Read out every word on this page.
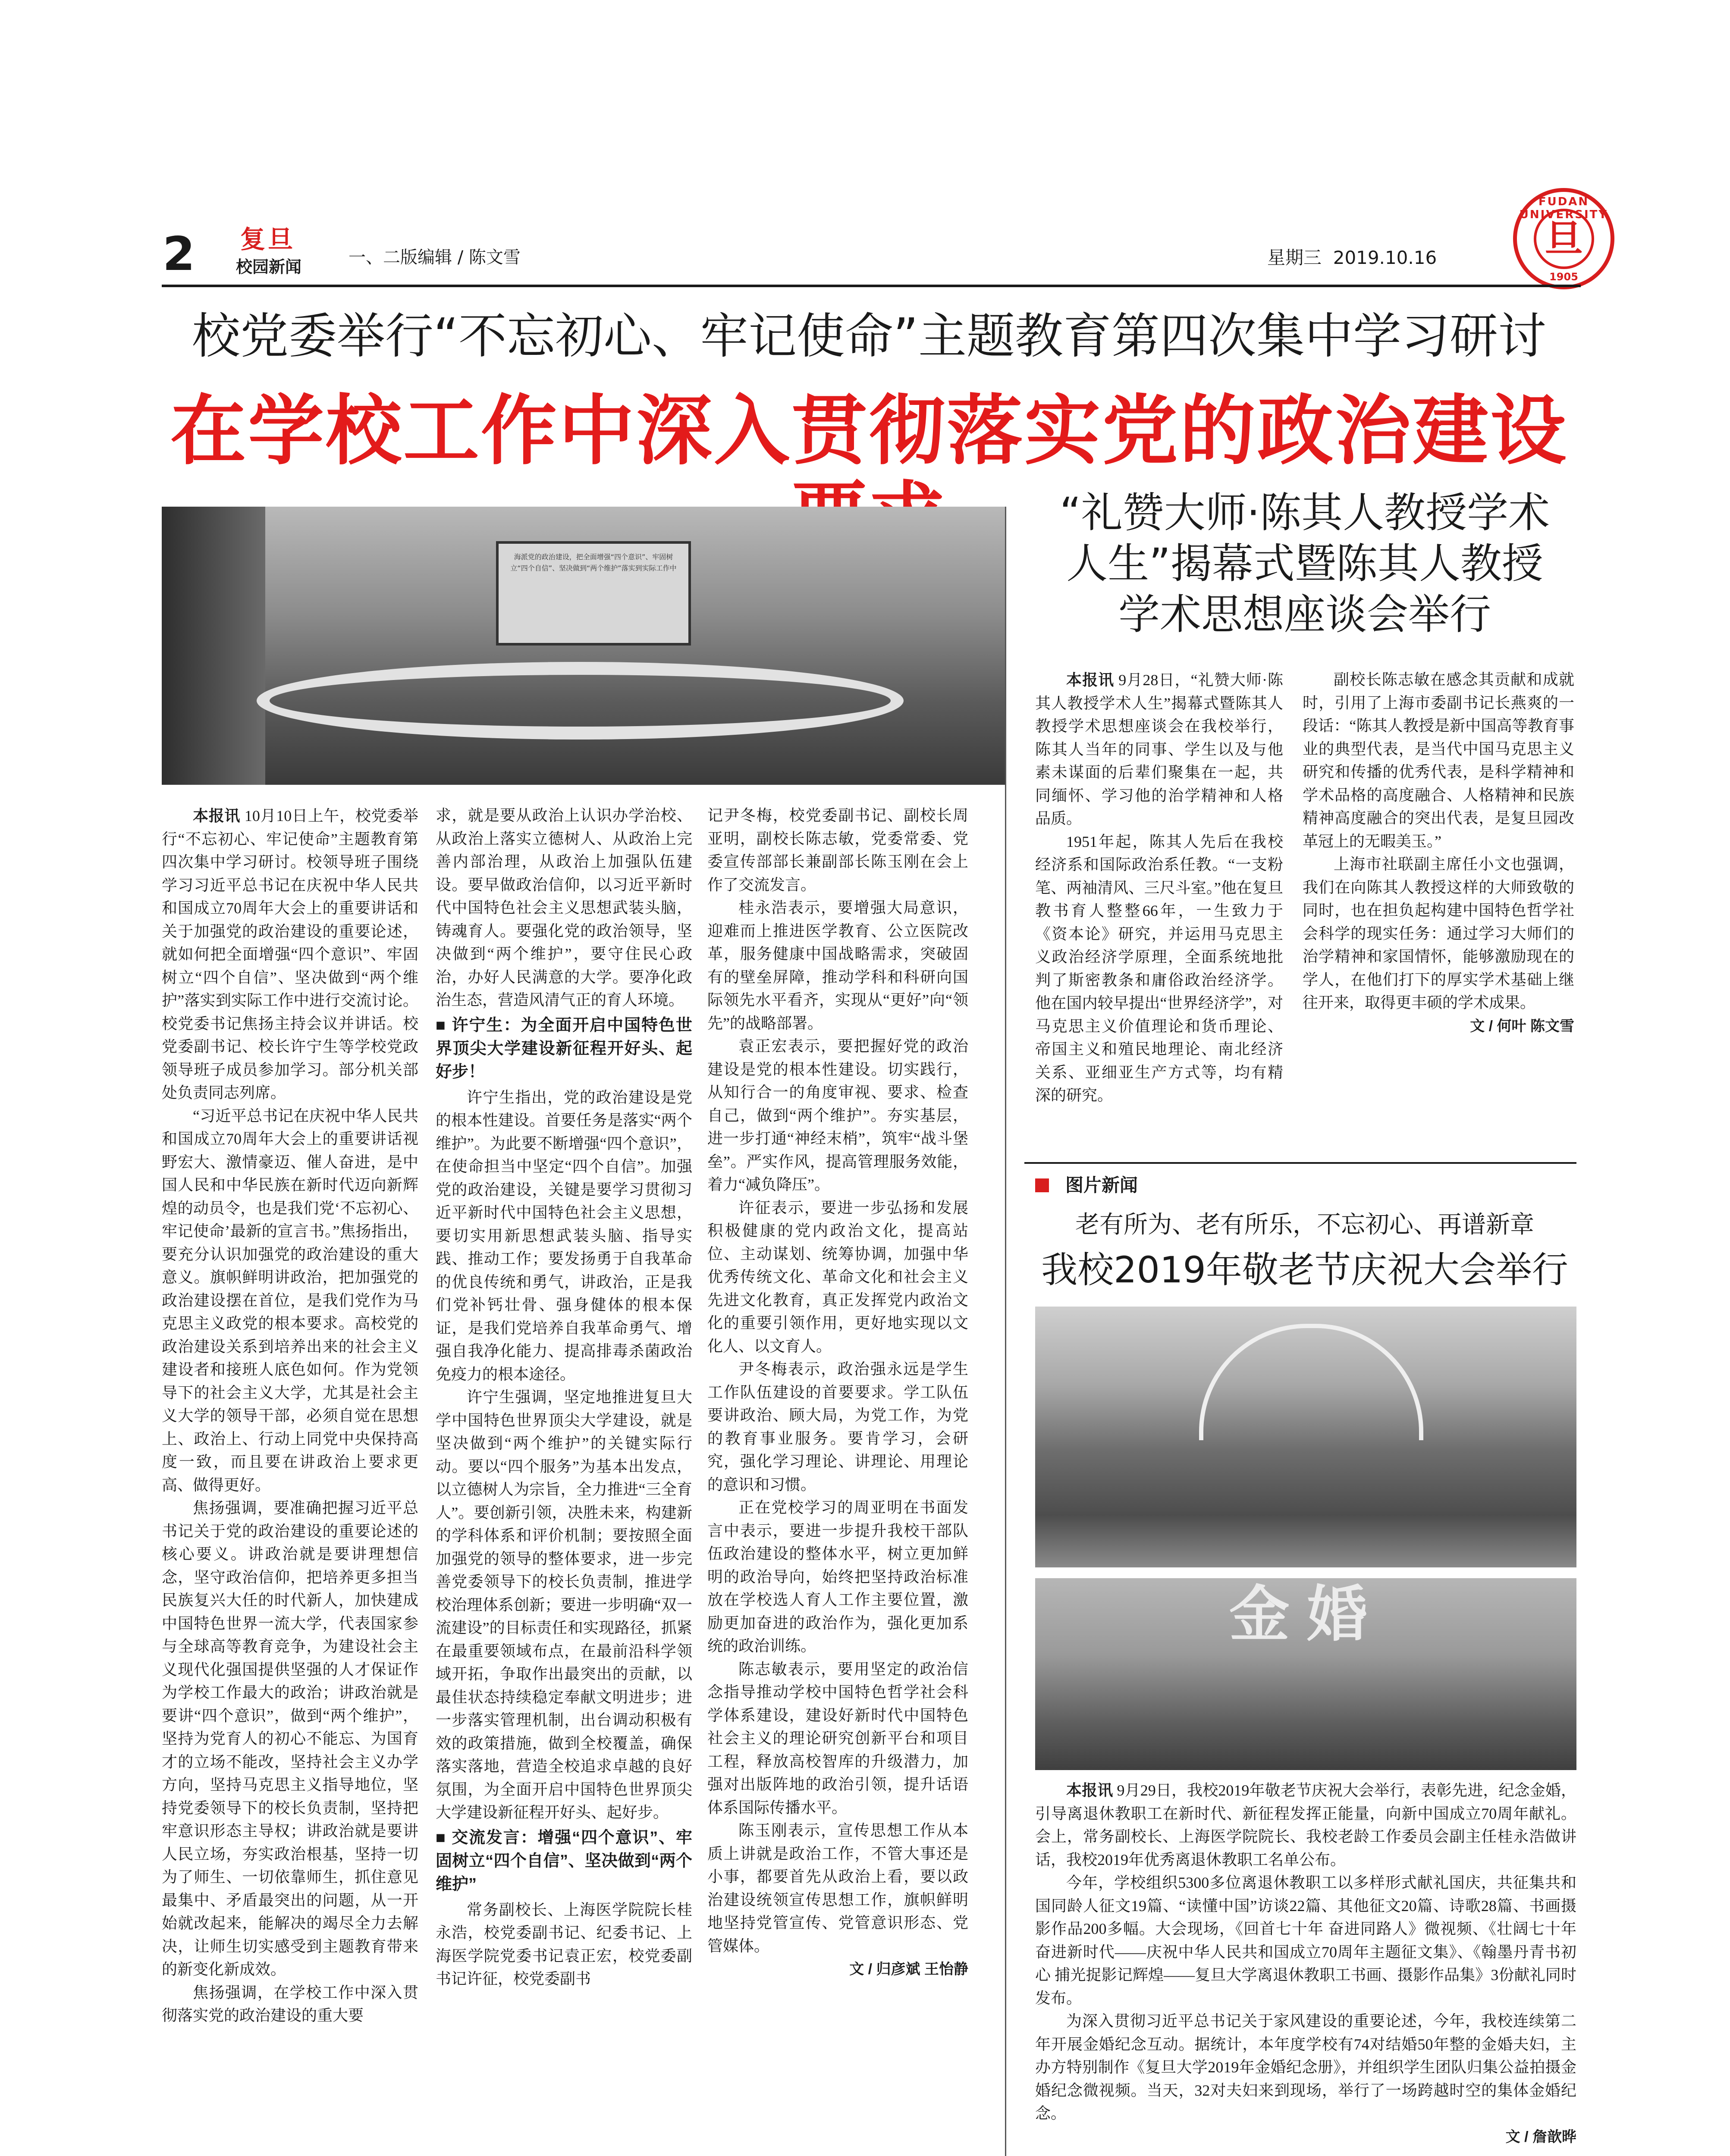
FUDAN UNIVERSITY
旦
1905
2 复旦
校园新闻	一、二版编辑 / 陈文雪	星期三 2019.10.16
校党委举行“不忘初心、牢记使命”主题教育第四次集中学习研讨
在学校工作中深入贯彻落实党的政治建设
海派党的政治建设，把全面增强“四个意识”、牢固树立“四个自信”、坚决做到“两个维护”落实到实际工作中

本报讯 10月10日上午，校党委举行“不忘初心、牢记使命”主题教育第四次集中学习研讨。校领导班子围绕学习习近平总书记在庆祝中华人民共和国成立70周年大会上的重要讲话和关于加强党的政治建设的重要论述，就如何把全面增强“四个意识”、牢固树立“四个自信”、坚决做到“两个维护”落实到实际工作中进行交流讨论。校党委书记焦扬主持会议并讲话。校党委副书记、校长许宁生等学校党政领导班子成员参加学习。部分机关部处负责同志列席。

“习近平总书记在庆祝中华人民共和国成立70周年大会上的重要讲话视野宏大、激情豪迈、催人奋进，是中国人民和中华民族在新时代迈向新辉煌的动员令，也是我们党‘不忘初心、牢记使命’最新的宣言书。”焦扬指出，要充分认识加强党的政治建设的重大意义。旗帜鲜明讲政治，把加强党的政治建设摆在首位，是我们党作为马克思主义政党的根本要求。高校党的政治建设关系到培养出来的社会主义建设者和接班人底色如何。作为党领导下的社会主义大学，尤其是社会主义大学的领导干部，必须自觉在思想上、政治上、行动上同党中央保持高度一致，而且要在讲政治上要求更高、做得更好。

焦扬强调，要准确把握习近平总书记关于党的政治建设的重要论述的核心要义。讲政治就是要讲理想信念，坚守政治信仰，把培养更多担当民族复兴大任的时代新人，加快建成中国特色世界一流大学，代表国家参与全球高等教育竞争，为建设社会主义现代化强国提供坚强的人才保证作为学校工作最大的政治；讲政治就是要讲“四个意识”，做到“两个维护”，坚持为党育人的初心不能忘、为国育才的立场不能改，坚持社会主义办学方向，坚持马克思主义指导地位，坚持党委领导下的校长负责制，坚持把牢意识形态主导权；讲政治就是要讲人民立场，夯实政治根基，坚持一切为了师生、一切依靠师生，抓住意见最集中、矛盾最突出的问题，从一开始就改起来，能解决的竭尽全力去解决，让师生切实感受到主题教育带来的新变化新成效。

焦扬强调，在学校工作中深入贯彻落实党的政治建设的重大要

求，就是要从政治上认识办学治校、从政治上落实立德树人、从政治上完善内部治理，从政治上加强队伍建设。要早做政治信仰，以习近平新时代中国特色社会主义思想武装头脑，铸魂育人。要强化党的政治领导，坚决做到“两个维护”，要守住民心政治，办好人民满意的大学。要净化政治生态，营造风清气正的育人环境。

■ 许宁生：为全面开启中国特色世界顶尖大学建设新征程开好头、起好步！

许宁生指出，党的政治建设是党的根本性建设。首要任务是落实“两个维护”。为此要不断增强“四个意识”，在使命担当中坚定“四个自信”。加强党的政治建设，关键是要学习贯彻习近平新时代中国特色社会主义思想，要切实用新思想武装头脑、指导实践、推动工作；要发扬勇于自我革命的优良传统和勇气，讲政治，正是我们党补钙壮骨、强身健体的根本保证，是我们党培养自我革命勇气、增强自我净化能力、提高排毒杀菌政治免疫力的根本途径。

许宁生强调，坚定地推进复旦大学中国特色世界顶尖大学建设，就是坚决做到“两个维护”的关键实际行动。要以“四个服务”为基本出发点，以立德树人为宗旨，全力推进“三全育人”。要创新引领，决胜未来，构建新的学科体系和评价机制；要按照全面加强党的领导的整体要求，进一步完善党委领导下的校长负责制，推进学校治理体系创新；要进一步明确“双一流建设”的目标责任和实现路径，抓紧在最重要领域布点，在最前沿科学领域开拓，争取作出最突出的贡献，以最佳状态持续稳定奉献文明进步；进一步落实管理机制，出台调动积极有效的政策措施，做到全校覆盖，确保落实落地，营造全校追求卓越的良好氛围，为全面开启中国特色世界顶尖大学建设新征程开好头、起好步。

■ 交流发言：增强“四个意识”、牢固树立“四个自信”、坚决做到“两个维护”

常务副校长、上海医学院院长桂永浩，校党委副书记、纪委书记、上海医学院党委书记袁正宏，校党委副书记许征，校党委副书

记尹冬梅，校党委副书记、副校长周亚明，副校长陈志敏，党委常委、党委宣传部部长兼副部长陈玉刚在会上作了交流发言。

桂永浩表示，要增强大局意识，迎难而上推进医学教育、公立医院改革，服务健康中国战略需求，突破固有的壁垒屏障，推动学科和科研向国际领先水平看齐，实现从“更好”向“领先”的战略部署。

袁正宏表示，要把握好党的政治建设是党的根本性建设。切实践行，从知行合一的角度审视、要求、检查自己，做到“两个维护”。夯实基层，进一步打通“神经末梢”，筑牢“战斗堡垒”。严实作风，提高管理服务效能，着力“减负降压”。

许征表示，要进一步弘扬和发展积极健康的党内政治文化，提高站位、主动谋划、统筹协调，加强中华优秀传统文化、革命文化和社会主义先进文化教育，真正发挥党内政治文化的重要引领作用，更好地实现以文化人、以文育人。

尹冬梅表示，政治强永远是学生工作队伍建设的首要要求。学工队伍要讲政治、顾大局，为党工作，为党的教育事业服务。要肯学习，会研究，强化学习理论、讲理论、用理论的意识和习惯。

正在党校学习的周亚明在书面发言中表示，要进一步提升我校干部队伍政治建设的整体水平，树立更加鲜明的政治导向，始终把坚持政治标准放在学校选人育人工作主要位置，激励更加奋进的政治作为，强化更加系统的政治训练。

陈志敏表示，要用坚定的政治信念指导推动学校中国特色哲学社会科学体系建设，建设好新时代中国特色社会主义的理论研究创新平台和项目工程，释放高校智库的升级潜力，加强对出版阵地的政治引领，提升话语体系国际传播水平。

陈玉刚表示，宣传思想工作从本质上讲就是政治工作，不管大事还是小事，都要首先从政治上看，要以政治建设统领宣传思想工作，旗帜鲜明地坚持党管宣传、党管意识形态、党管媒体。

文 / 归彦斌 王怡静
“礼赞大师·陈其人教授学术
人生”揭幕式暨陈其人教授
学术思想座谈会举行

本报讯 9月28日，“礼赞大师·陈其人教授学术人生”揭幕式暨陈其人教授学术思想座谈会在我校举行，陈其人当年的同事、学生以及与他素未谋面的后辈们聚集在一起，共同缅怀、学习他的治学精神和人格品质。

1951年起，陈其人先后在我校经济系和国际政治系任教。“一支粉笔、两袖清风、三尺斗室。”他在复旦教书育人整整66年，一生致力于《资本论》研究，并运用马克思主义政治经济学原理，全面系统地批判了斯密教条和庸俗政治经济学。他在国内较早提出“世界经济学”，对马克思主义价值理论和货币理论、帝国主义和殖民地理论、南北经济关系、亚细亚生产方式等，均有精深的研究。

副校长陈志敏在感念其贡献和成就时，引用了上海市委副书记长燕爽的一段话：“陈其人教授是新中国高等教育事业的典型代表，是当代中国马克思主义研究和传播的优秀代表，是科学精神和学术品格的高度融合、人格精神和民族精神高度融合的突出代表，是复旦园改革冠上的无暇美玉。”

上海市社联副主席任小文也强调，我们在向陈其人教授这样的大师致敬的同时，也在担负起构建中国特色哲学社会科学的现实任务：通过学习大师们的治学精神和家国情怀，能够激励现在的学人，在他们打下的厚实学术基础上继往开来，取得更丰硕的学术成果。

文 / 何叶 陈文雪
图片新闻
老有所为、老有所乐，不忘初心、再谱新章
我校2019年敬老节庆祝大会举行
金婚

本报讯 9月29日，我校2019年敬老节庆祝大会举行，表彰先进，纪念金婚，引导离退休教职工在新时代、新征程发挥正能量，向新中国成立70周年献礼。会上，常务副校长、上海医学院院长、我校老龄工作委员会副主任桂永浩做讲话，我校2019年优秀离退休教职工名单公布。

今年，学校组织5300多位离退休教职工以多样形式献礼国庆，共征集共和国同龄人征文19篇、“读懂中国”访谈22篇、其他征文20篇、诗歌28篇、书画摄影作品200多幅。大会现场，《回首七十年 奋进同路人》微视频、《壮阔七十年 奋进新时代——庆祝中华人民共和国成立70周年主题征文集》、《翰墨丹青书初心 捕光捉影记辉煌——复旦大学离退休教职工书画、摄影作品集》3份献礼同时发布。

为深入贯彻习近平总书记关于家风建设的重要论述，今年，我校连续第二年开展金婚纪念互动。据统计，本年度学校有74对结婚50年整的金婚夫妇，主办方特别制作《复旦大学2019年金婚纪念册》，并组织学生团队归集公益拍摄金婚纪念微视频。当天，32对夫妇来到现场，举行了一场跨越时空的集体金婚纪念。

文 / 詹歆晔
